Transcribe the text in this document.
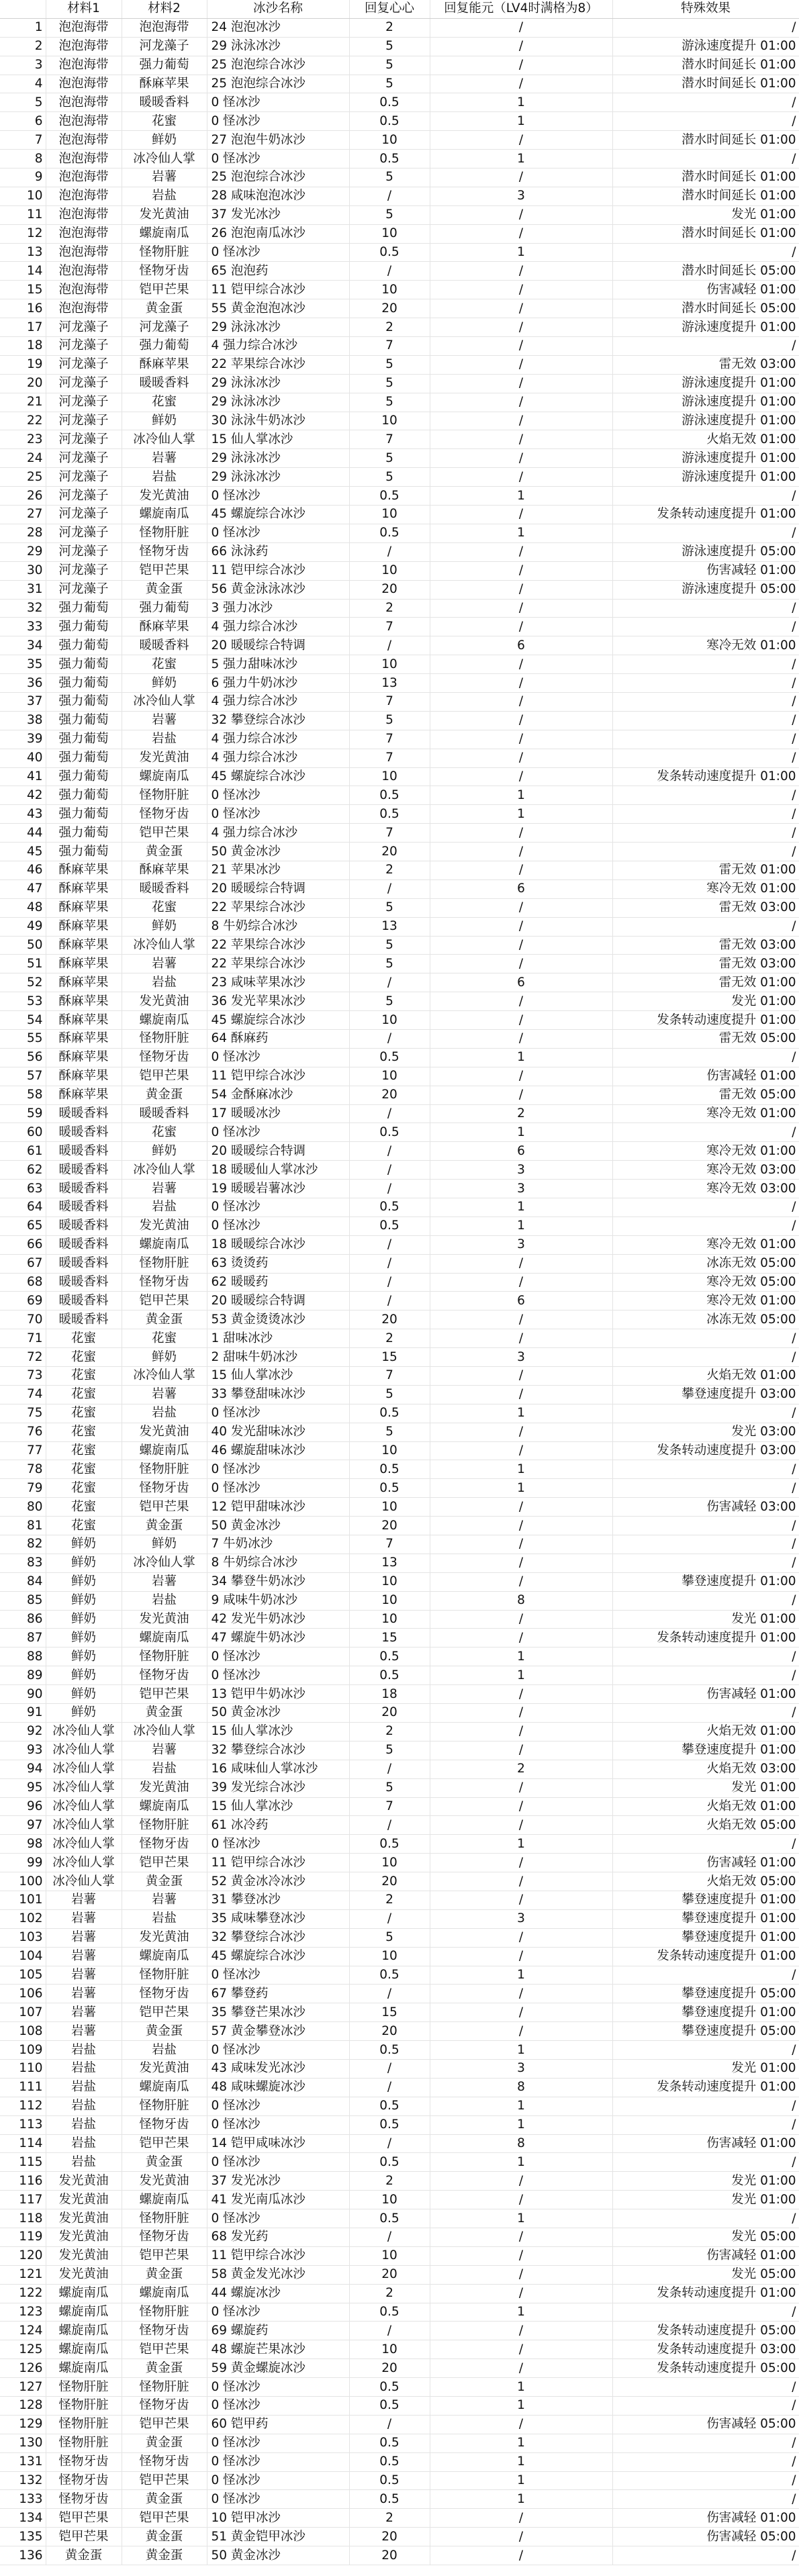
	材料1	材料2	冰沙名称	回复心心	回复能元（LV4时满格为8）	特殊效果
1	泡泡海带	泡泡海带	24 泡泡冰沙	2	/	/
2	泡泡海带	河龙藻子	29 泳泳冰沙	5	/	游泳速度提升 01:00
3	泡泡海带	强力葡萄	25 泡泡综合冰沙	5	/	潜水时间延长 01:00
4	泡泡海带	酥麻苹果	25 泡泡综合冰沙	5	/	潜水时间延长 01:00
5	泡泡海带	暖暖香料	0 怪冰沙	0.5	1	/
6	泡泡海带	花蜜	0 怪冰沙	0.5	1	/
7	泡泡海带	鲜奶	27 泡泡牛奶冰沙	10	/	潜水时间延长 01:00
8	泡泡海带	冰冷仙人掌	0 怪冰沙	0.5	1	/
9	泡泡海带	岩薯	25 泡泡综合冰沙	5	/	潜水时间延长 01:00
10	泡泡海带	岩盐	28 咸味泡泡冰沙	/	3	潜水时间延长 01:00
11	泡泡海带	发光黄油	37 发光冰沙	5	/	发光 01:00
12	泡泡海带	螺旋南瓜	26 泡泡南瓜冰沙	10	/	潜水时间延长 01:00
13	泡泡海带	怪物肝脏	0 怪冰沙	0.5	1	/
14	泡泡海带	怪物牙齿	65 泡泡药	/	/	潜水时间延长 05:00
15	泡泡海带	铠甲芒果	11 铠甲综合冰沙	10	/	伤害减轻 01:00
16	泡泡海带	黄金蛋	55 黄金泡泡冰沙	20	/	潜水时间延长 05:00
17	河龙藻子	河龙藻子	29 泳泳冰沙	2	/	游泳速度提升 01:00
18	河龙藻子	强力葡萄	4 强力综合冰沙	7	/	/
19	河龙藻子	酥麻苹果	22 苹果综合冰沙	5	/	雷无效 03:00
20	河龙藻子	暖暖香料	29 泳泳冰沙	5	/	游泳速度提升 01:00
21	河龙藻子	花蜜	29 泳泳冰沙	5	/	游泳速度提升 01:00
22	河龙藻子	鲜奶	30 泳泳牛奶冰沙	10	/	游泳速度提升 01:00
23	河龙藻子	冰冷仙人掌	15 仙人掌冰沙	7	/	火焰无效 01:00
24	河龙藻子	岩薯	29 泳泳冰沙	5	/	游泳速度提升 01:00
25	河龙藻子	岩盐	29 泳泳冰沙	5	/	游泳速度提升 01:00
26	河龙藻子	发光黄油	0 怪冰沙	0.5	1	/
27	河龙藻子	螺旋南瓜	45 螺旋综合冰沙	10	/	发条转动速度提升 01:00
28	河龙藻子	怪物肝脏	0 怪冰沙	0.5	1	/
29	河龙藻子	怪物牙齿	66 泳泳药	/	/	游泳速度提升 05:00
30	河龙藻子	铠甲芒果	11 铠甲综合冰沙	10	/	伤害减轻 01:00
31	河龙藻子	黄金蛋	56 黄金泳泳冰沙	20	/	游泳速度提升 05:00
32	强力葡萄	强力葡萄	3 强力冰沙	2	/	/
33	强力葡萄	酥麻苹果	4 强力综合冰沙	7	/	/
34	强力葡萄	暖暖香料	20 暖暖综合特调	/	6	寒冷无效 01:00
35	强力葡萄	花蜜	5 强力甜味冰沙	10	/	/
36	强力葡萄	鲜奶	6 强力牛奶冰沙	13	/	/
37	强力葡萄	冰冷仙人掌	4 强力综合冰沙	7	/	/
38	强力葡萄	岩薯	32 攀登综合冰沙	5	/	/
39	强力葡萄	岩盐	4 强力综合冰沙	7	/	/
40	强力葡萄	发光黄油	4 强力综合冰沙	7	/	/
41	强力葡萄	螺旋南瓜	45 螺旋综合冰沙	10	/	发条转动速度提升 01:00
42	强力葡萄	怪物肝脏	0 怪冰沙	0.5	1	/
43	强力葡萄	怪物牙齿	0 怪冰沙	0.5	1	/
44	强力葡萄	铠甲芒果	4 强力综合冰沙	7	/	/
45	强力葡萄	黄金蛋	50 黄金冰沙	20	/	/
46	酥麻苹果	酥麻苹果	21 苹果冰沙	2	/	雷无效 01:00
47	酥麻苹果	暖暖香料	20 暖暖综合特调	/	6	寒冷无效 01:00
48	酥麻苹果	花蜜	22 苹果综合冰沙	5	/	雷无效 03:00
49	酥麻苹果	鲜奶	8 牛奶综合冰沙	13	/	/
50	酥麻苹果	冰冷仙人掌	22 苹果综合冰沙	5	/	雷无效 03:00
51	酥麻苹果	岩薯	22 苹果综合冰沙	5	/	雷无效 03:00
52	酥麻苹果	岩盐	23 咸味苹果冰沙	/	6	雷无效 01:00
53	酥麻苹果	发光黄油	36 发光苹果冰沙	5	/	发光 01:00
54	酥麻苹果	螺旋南瓜	45 螺旋综合冰沙	10	/	发条转动速度提升 01:00
55	酥麻苹果	怪物肝脏	64 酥麻药	/	/	雷无效 05:00
56	酥麻苹果	怪物牙齿	0 怪冰沙	0.5	1	/
57	酥麻苹果	铠甲芒果	11 铠甲综合冰沙	10	/	伤害减轻 01:00
58	酥麻苹果	黄金蛋	54 金酥麻冰沙	20	/	雷无效 05:00
59	暖暖香料	暖暖香料	17 暖暖冰沙	/	2	寒冷无效 01:00
60	暖暖香料	花蜜	0 怪冰沙	0.5	1	/
61	暖暖香料	鲜奶	20 暖暖综合特调	/	6	寒冷无效 01:00
62	暖暖香料	冰冷仙人掌	18 暖暖仙人掌冰沙	/	3	寒冷无效 03:00
63	暖暖香料	岩薯	19 暖暖岩薯冰沙	/	3	寒冷无效 03:00
64	暖暖香料	岩盐	0 怪冰沙	0.5	1	/
65	暖暖香料	发光黄油	0 怪冰沙	0.5	1	/
66	暖暖香料	螺旋南瓜	18 暖暖综合冰沙	/	3	寒冷无效 01:00
67	暖暖香料	怪物肝脏	63 烫烫药	/	/	冰冻无效 05:00
68	暖暖香料	怪物牙齿	62 暖暖药	/	/	寒冷无效 05:00
69	暖暖香料	铠甲芒果	20 暖暖综合特调	/	6	寒冷无效 01:00
70	暖暖香料	黄金蛋	53 黄金烫烫冰沙	20	/	冰冻无效 05:00
71	花蜜	花蜜	1 甜味冰沙	2	/	/
72	花蜜	鲜奶	2 甜味牛奶冰沙	15	3	/
73	花蜜	冰冷仙人掌	15 仙人掌冰沙	7	/	火焰无效 01:00
74	花蜜	岩薯	33 攀登甜味冰沙	5	/	攀登速度提升 03:00
75	花蜜	岩盐	0 怪冰沙	0.5	1	/
76	花蜜	发光黄油	40 发光甜味冰沙	5	/	发光 03:00
77	花蜜	螺旋南瓜	46 螺旋甜味冰沙	10	/	发条转动速度提升 03:00
78	花蜜	怪物肝脏	0 怪冰沙	0.5	1	/
79	花蜜	怪物牙齿	0 怪冰沙	0.5	1	/
80	花蜜	铠甲芒果	12 铠甲甜味冰沙	10	/	伤害减轻 03:00
81	花蜜	黄金蛋	50 黄金冰沙	20	/	/
82	鲜奶	鲜奶	7 牛奶冰沙	7	/	/
83	鲜奶	冰冷仙人掌	8 牛奶综合冰沙	13	/	/
84	鲜奶	岩薯	34 攀登牛奶冰沙	10	/	攀登速度提升 01:00
85	鲜奶	岩盐	9 咸味牛奶冰沙	10	8	/
86	鲜奶	发光黄油	42 发光牛奶冰沙	10	/	发光 01:00
87	鲜奶	螺旋南瓜	47 螺旋牛奶冰沙	15	/	发条转动速度提升 01:00
88	鲜奶	怪物肝脏	0 怪冰沙	0.5	1	/
89	鲜奶	怪物牙齿	0 怪冰沙	0.5	1	/
90	鲜奶	铠甲芒果	13 铠甲牛奶冰沙	18	/	伤害减轻 01:00
91	鲜奶	黄金蛋	50 黄金冰沙	20	/	/
92	冰冷仙人掌	冰冷仙人掌	15 仙人掌冰沙	2	/	火焰无效 01:00
93	冰冷仙人掌	岩薯	32 攀登综合冰沙	5	/	攀登速度提升 01:00
94	冰冷仙人掌	岩盐	16 咸味仙人掌冰沙	/	2	火焰无效 03:00
95	冰冷仙人掌	发光黄油	39 发光综合冰沙	5	/	发光 01:00
96	冰冷仙人掌	螺旋南瓜	15 仙人掌冰沙	7	/	火焰无效 01:00
97	冰冷仙人掌	怪物肝脏	61 冰冷药	/	/	火焰无效 05:00
98	冰冷仙人掌	怪物牙齿	0 怪冰沙	0.5	1	/
99	冰冷仙人掌	铠甲芒果	11 铠甲综合冰沙	10	/	伤害减轻 01:00
100	冰冷仙人掌	黄金蛋	52 黄金冰冷冰沙	20	/	火焰无效 05:00
101	岩薯	岩薯	31 攀登冰沙	2	/	攀登速度提升 01:00
102	岩薯	岩盐	35 咸味攀登冰沙	/	3	攀登速度提升 01:00
103	岩薯	发光黄油	32 攀登综合冰沙	5	/	攀登速度提升 01:00
104	岩薯	螺旋南瓜	45 螺旋综合冰沙	10	/	发条转动速度提升 01:00
105	岩薯	怪物肝脏	0 怪冰沙	0.5	1	/
106	岩薯	怪物牙齿	67 攀登药	/	/	攀登速度提升 05:00
107	岩薯	铠甲芒果	35 攀登芒果冰沙	15	/	攀登速度提升 01:00
108	岩薯	黄金蛋	57 黄金攀登冰沙	20	/	攀登速度提升 05:00
109	岩盐	岩盐	0 怪冰沙	0.5	1	/
110	岩盐	发光黄油	43 咸味发光冰沙	/	3	发光 01:00
111	岩盐	螺旋南瓜	48 咸味螺旋冰沙	/	8	发条转动速度提升 01:00
112	岩盐	怪物肝脏	0 怪冰沙	0.5	1	/
113	岩盐	怪物牙齿	0 怪冰沙	0.5	1	/
114	岩盐	铠甲芒果	14 铠甲咸味冰沙	/	8	伤害减轻 01:00
115	岩盐	黄金蛋	0 怪冰沙	0.5	1	/
116	发光黄油	发光黄油	37 发光冰沙	2	/	发光 01:00
117	发光黄油	螺旋南瓜	41 发光南瓜冰沙	10	/	发光 01:00
118	发光黄油	怪物肝脏	0 怪冰沙	0.5	1	/
119	发光黄油	怪物牙齿	68 发光药	/	/	发光 05:00
120	发光黄油	铠甲芒果	11 铠甲综合冰沙	10	/	伤害减轻 01:00
121	发光黄油	黄金蛋	58 黄金发光冰沙	20	/	发光 05:00
122	螺旋南瓜	螺旋南瓜	44 螺旋冰沙	2	/	发条转动速度提升 01:00
123	螺旋南瓜	怪物肝脏	0 怪冰沙	0.5	1	/
124	螺旋南瓜	怪物牙齿	69 螺旋药	/	/	发条转动速度提升 05:00
125	螺旋南瓜	铠甲芒果	48 螺旋芒果冰沙	10	/	发条转动速度提升 03:00
126	螺旋南瓜	黄金蛋	59 黄金螺旋冰沙	20	/	发条转动速度提升 05:00
127	怪物肝脏	怪物肝脏	0 怪冰沙	0.5	1	/
128	怪物肝脏	怪物牙齿	0 怪冰沙	0.5	1	/
129	怪物肝脏	铠甲芒果	60 铠甲药	/	/	伤害减轻 05:00
130	怪物肝脏	黄金蛋	0 怪冰沙	0.5	1	/
131	怪物牙齿	怪物牙齿	0 怪冰沙	0.5	1	/
132	怪物牙齿	铠甲芒果	0 怪冰沙	0.5	1	/
133	怪物牙齿	黄金蛋	0 怪冰沙	0.5	1	/
134	铠甲芒果	铠甲芒果	10 铠甲冰沙	2	/	伤害减轻 01:00
135	铠甲芒果	黄金蛋	51 黄金铠甲冰沙	20	/	伤害减轻 05:00
136	黄金蛋	黄金蛋	50 黄金冰沙	20	/	/
